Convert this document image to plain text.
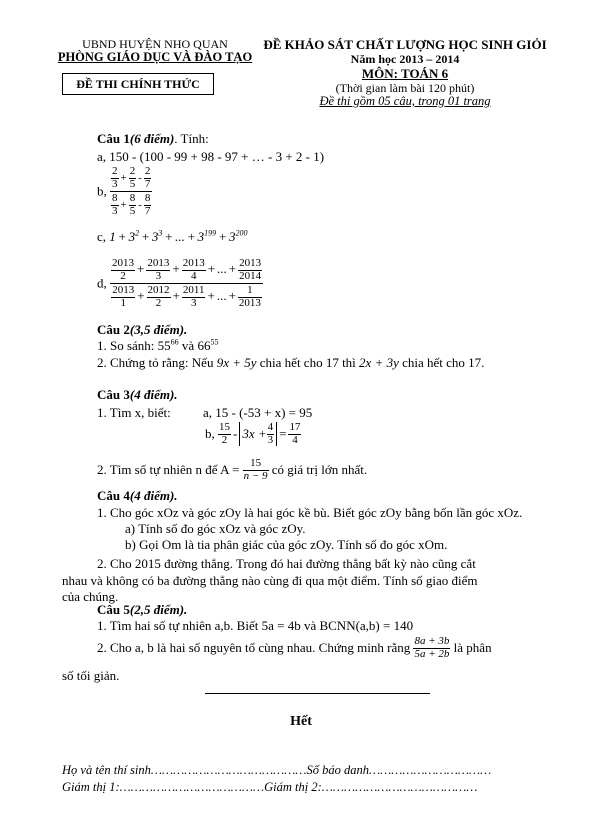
UBND HUYỆN NHO QUAN
PHÒNG GIÁO DỤC VÀ ĐÀO TẠO
ĐỀ THI CHÍNH THỨC
ĐỀ KHẢO SÁT CHẤT LƯỢNG HỌC SINH GIỎI
Năm học 2013 – 2014
MÔN: TOÁN 6
(Thời gian làm bài 120 phút)
Đề thi gồm 05 câu, trong 01 trang
Câu 1(6 điểm). Tính:
a, 150 - (100 - 99 + 98 - 97 + … - 3 + 2 - 1)
b, $\frac{\frac{2}{3} + \frac{2}{5} - \frac{2}{7}}{\frac{8}{3} + \frac{8}{5} - \frac{8}{7}}$
c, $1 + 3^2 + 3^3$ + ... + $3^{199} + 3^{200}$
d, $\frac{\frac{2013}{2} + \frac{2013}{3} + \frac{2013}{4} + ... + \frac{2013}{2014}}{\frac{2013}{1} + \frac{2012}{2} + \frac{2011}{3} + ... + \frac{1}{2013}}$
Câu 2(3,5 điểm).
1. So sánh: $55^{66}$ và $66^{55}$
2. Chứng tỏ rằng: Nếu 9x + 5y chia hết cho 17 thì 2x + 3y chia hết cho 17.
Câu 3(4 điểm).
1. Tìm x, biết: a, 15 - (-53 + x) = 95
b, $\frac{15}{2} - 3x + \frac{4}{3} = \frac{17}{4}$
2. Tìm số tự nhiên n để $A = \frac{15}{n - 9}$ có giá trị lớn nhất.
Câu 4(4 điểm).
1. Cho góc xOz và góc zOy là hai góc kề bù. Biết góc zOy bằng bốn lần góc xOz.
a) Tính số đo góc xOz và góc zOy.
b) Gọi Om là tia phân giác của góc zOy. Tính số đo góc xOm.
2. Cho 2015 đường thẳng. Trong đó hai đường thẳng bất kỳ nào cũng cắt
nhau và không có ba đường thẳng nào cùng đi qua một điểm. Tính số giao điểm
của chúng.
Câu 5(2,5 điểm).
1. Tìm hai số tự nhiên a,b. Biết 5a = 4b và BCNN(a,b) = 140
2. Cho a, b là hai số nguyên tố cùng nhau. Chứng minh rằng $\frac{8a + 3b}{5a + 2b}$ là phân
số tối giản.
Hết
Họ và tên thí sinh……………………………………Số báo danh……………………………
Giám thị 1:…………………………………Giám thị 2:……………………………………
